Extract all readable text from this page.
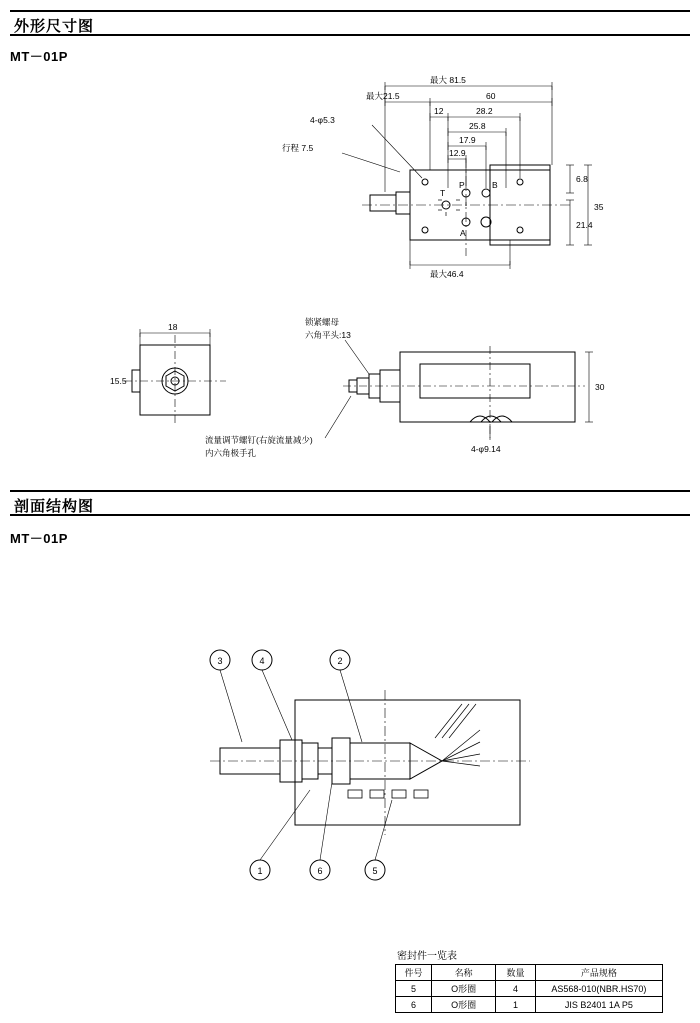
外形尺寸图
MT－01P
最大 81.5
最大21.5	60
12	28.2
25.8
17.9
12.9
6.8
21.4
35
最大46.4
4-φ5.3
行程 7.5
T
P	B
A
18
15.5
30
锁紧螺母
六角平头:13
4-φ9.14
流量调节螺钉(右旋流量减少)
内六角极手孔
剖面结构图
MT－01P
3	4	2
1	6	5
密封件一览表
件号	名称	数量	产品规格
5	O形圈	4	AS568-010(NBR.HS70)
6	O形圈	1	JIS B2401 1A P5
